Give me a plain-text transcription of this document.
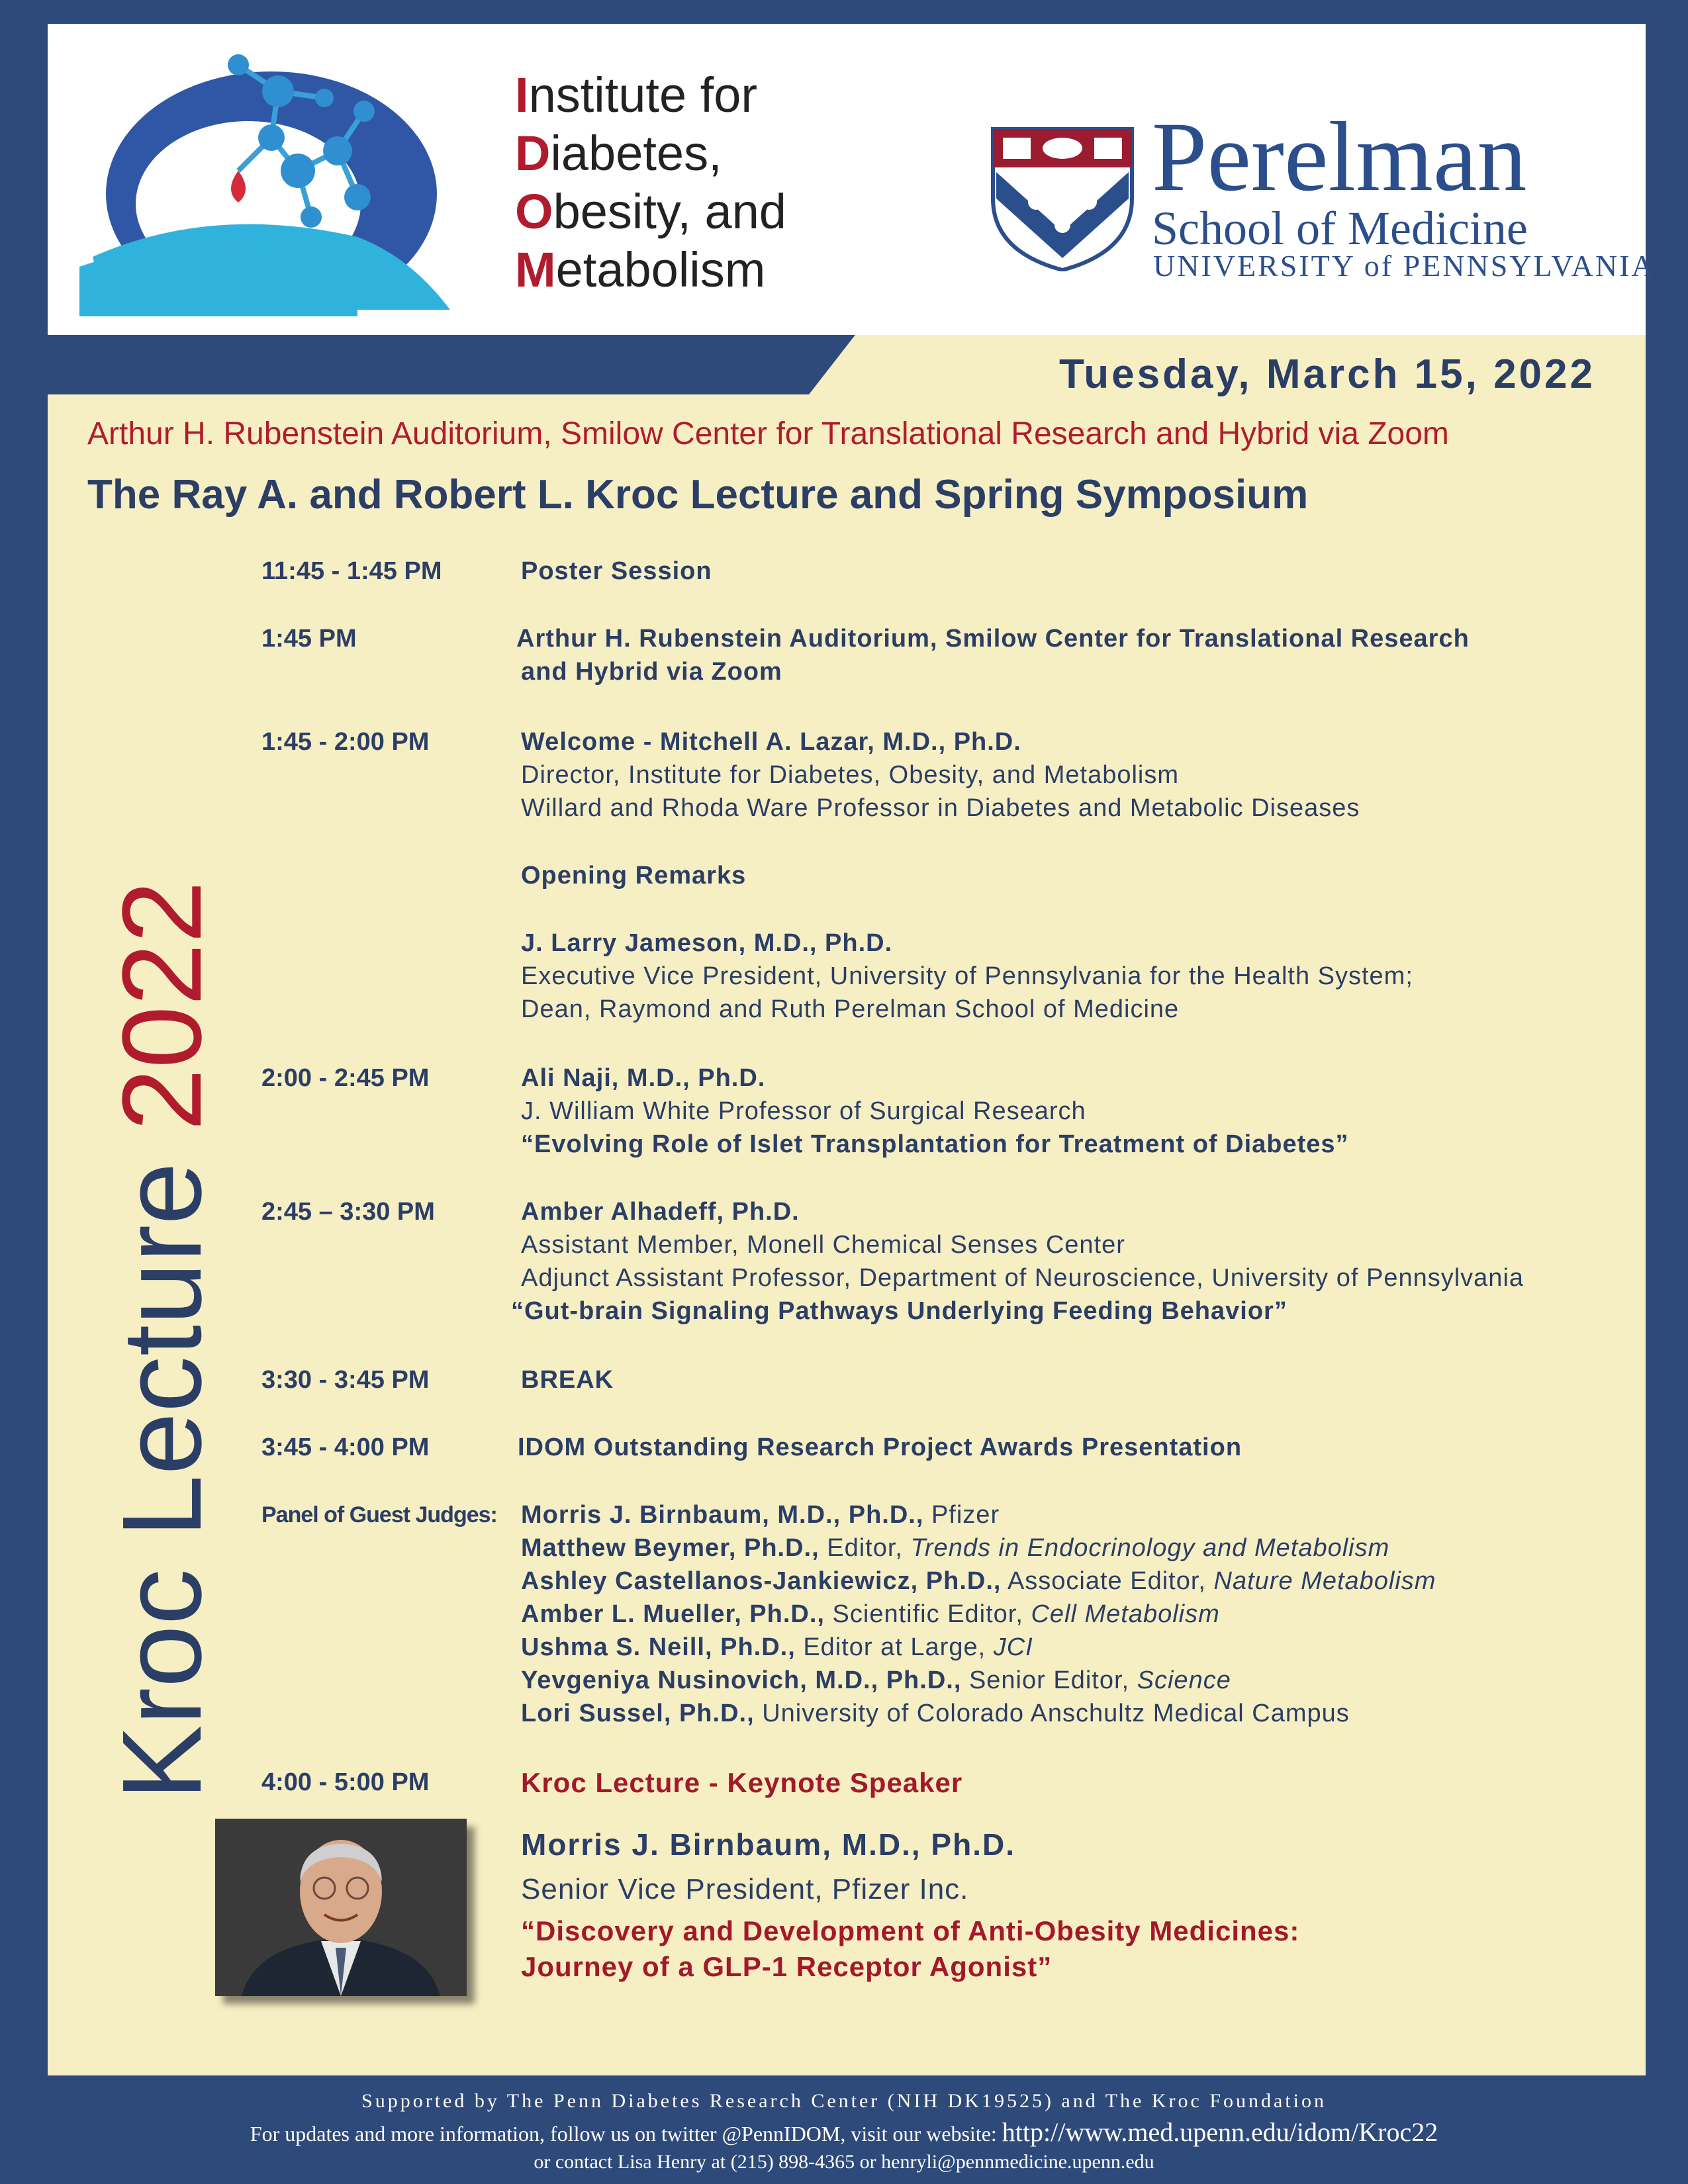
Institute for
Diabetes,
Obesity, and
Metabolism
Perelman
School of Medicine
UNIVERSITY of PENNSYLVANIA
Tuesday, March 15, 2022
Arthur H. Rubenstein Auditorium, Smilow Center for Translational Research and Hybrid via Zoom
The Ray A. and Robert L. Kroc Lecture and Spring Symposium
Kroc Lecture 2022
11:45 - 1:45 PM	Poster Session
1:45 PM	Arthur H. Rubenstein Auditorium, Smilow Center for Translational Research
and Hybrid via Zoom
1:45 - 2:00 PM	Welcome - Mitchell A. Lazar, M.D., Ph.D.
Director, Institute for Diabetes, Obesity, and Metabolism
Willard and Rhoda Ware Professor in Diabetes and Metabolic Diseases
Opening Remarks
J. Larry Jameson, M.D., Ph.D.
Executive Vice President, University of Pennsylvania for the Health System;
Dean, Raymond and Ruth Perelman School of Medicine
2:00 - 2:45 PM	Ali Naji, M.D., Ph.D.
J. William White Professor of Surgical Research
“Evolving Role of Islet Transplantation for Treatment of Diabetes”
2:45 – 3:30 PM	Amber Alhadeff, Ph.D.
Assistant Member, Monell Chemical Senses Center
Adjunct Assistant Professor, Department of Neuroscience, University of Pennsylvania
“Gut-brain Signaling Pathways Underlying Feeding Behavior”
3:30 - 3:45 PM	BREAK
3:45 - 4:00 PM	IDOM Outstanding Research Project Awards Presentation
Panel of Guest Judges: Morris J. Birnbaum, M.D., Ph.D., Pfizer
Matthew Beymer, Ph.D., Editor, Trends in Endocrinology and Metabolism
Ashley Castellanos-Jankiewicz, Ph.D., Associate Editor, Nature Metabolism
Amber L. Mueller, Ph.D., Scientific Editor, Cell Metabolism
Ushma S. Neill, Ph.D., Editor at Large, JCI
Yevgeniya Nusinovich, M.D., Ph.D., Senior Editor, Science
Lori Sussel, Ph.D., University of Colorado Anschultz Medical Campus
4:00 - 5:00 PM	Kroc Lecture - Keynote Speaker
Morris J. Birnbaum, M.D., Ph.D.
Senior Vice President, Pfizer Inc.
“Discovery and Development of Anti-Obesity Medicines:
Journey of a GLP-1 Receptor Agonist”
Supported by The Penn Diabetes Research Center (NIH DK19525) and The Kroc Foundation
For updates and more information, follow us on twitter @PennIDOM, visit our website: http://www.med.upenn.edu/idom/Kroc22
or contact Lisa Henry at (215) 898-4365 or henryli@pennmedicine.upenn.edu
